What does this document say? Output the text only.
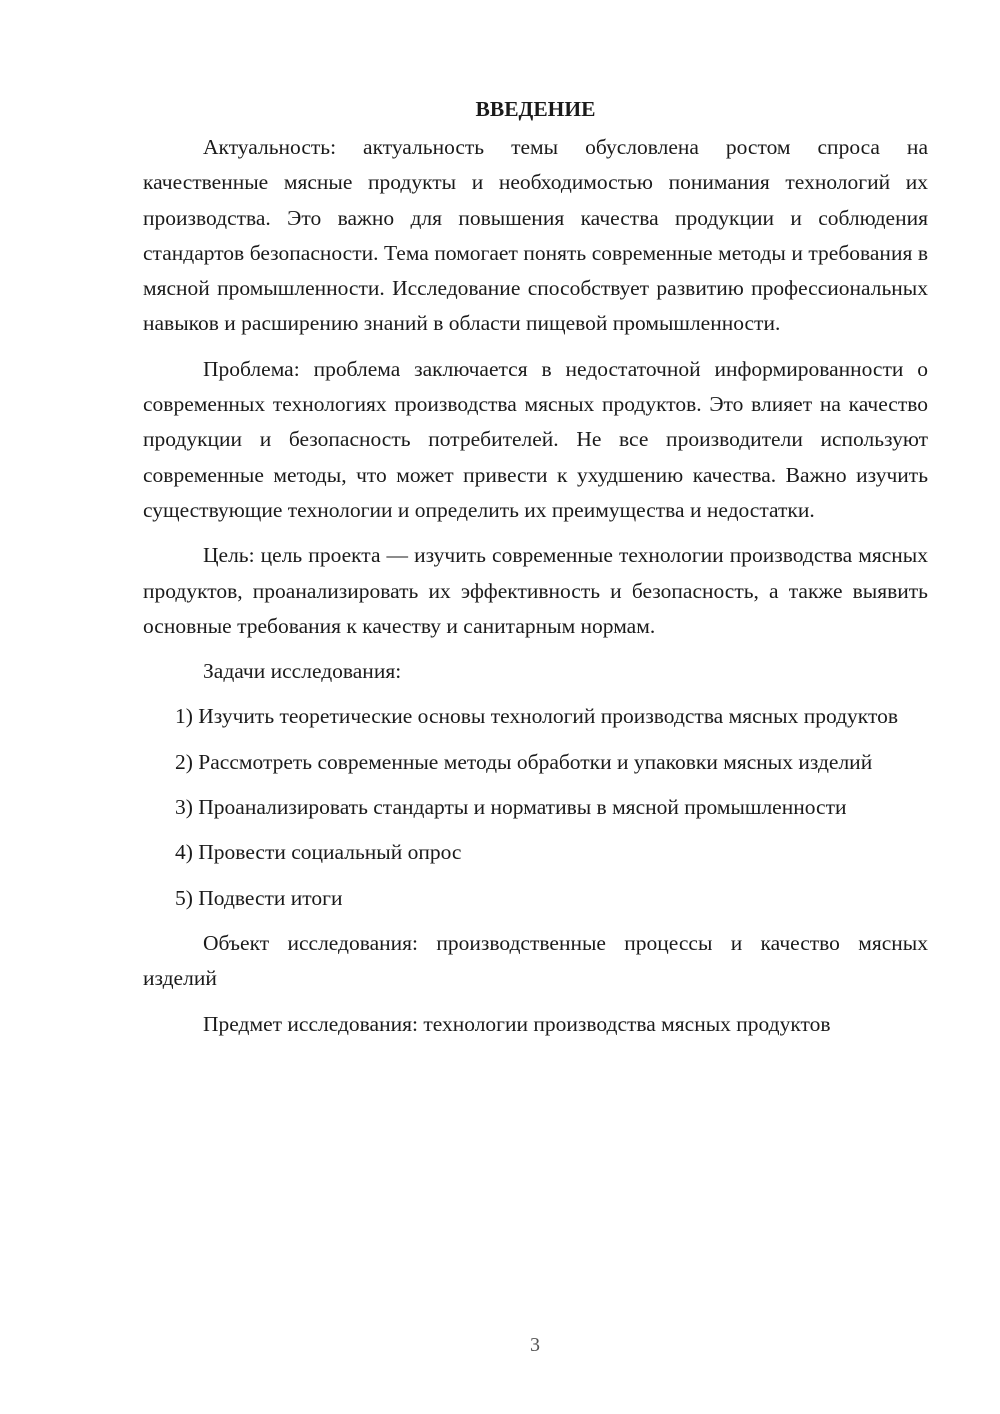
ВВЕДЕНИЕ

Актуальность: актуальность темы обусловлена ростом спроса на качественные мясные продукты и необходимостью понимания технологий их производства. Это важно для повышения качества продукции и соблюдения стандартов безопасности. Тема помогает понять современные методы и требования в мясной промышленности. Исследование способствует развитию профессиональных навыков и расширению знаний в области пищевой промышленности.

Проблема: проблема заключается в недостаточной информированности о современных технологиях производства мясных продуктов. Это влияет на качество продукции и безопасность потребителей. Не все производители используют современные методы, что может привести к ухудшению качества. Важно изучить существующие технологии и определить их преимущества и недостатки.

Цель: цель проекта — изучить современные технологии производства мясных продуктов, проанализировать их эффективность и безопасность, а также выявить основные требования к качеству и санитарным нормам.

Задачи исследования:

1) Изучить теоретические основы технологий производства мясных продуктов

2) Рассмотреть современные методы обработки и упаковки мясных изделий

3) Проанализировать стандарты и нормативы в мясной промышленности

4) Провести социальный опрос

5) Подвести итоги

Объект исследования: производственные процессы и качество мясных изделий

Предмет исследования: технологии производства мясных продуктов

3
